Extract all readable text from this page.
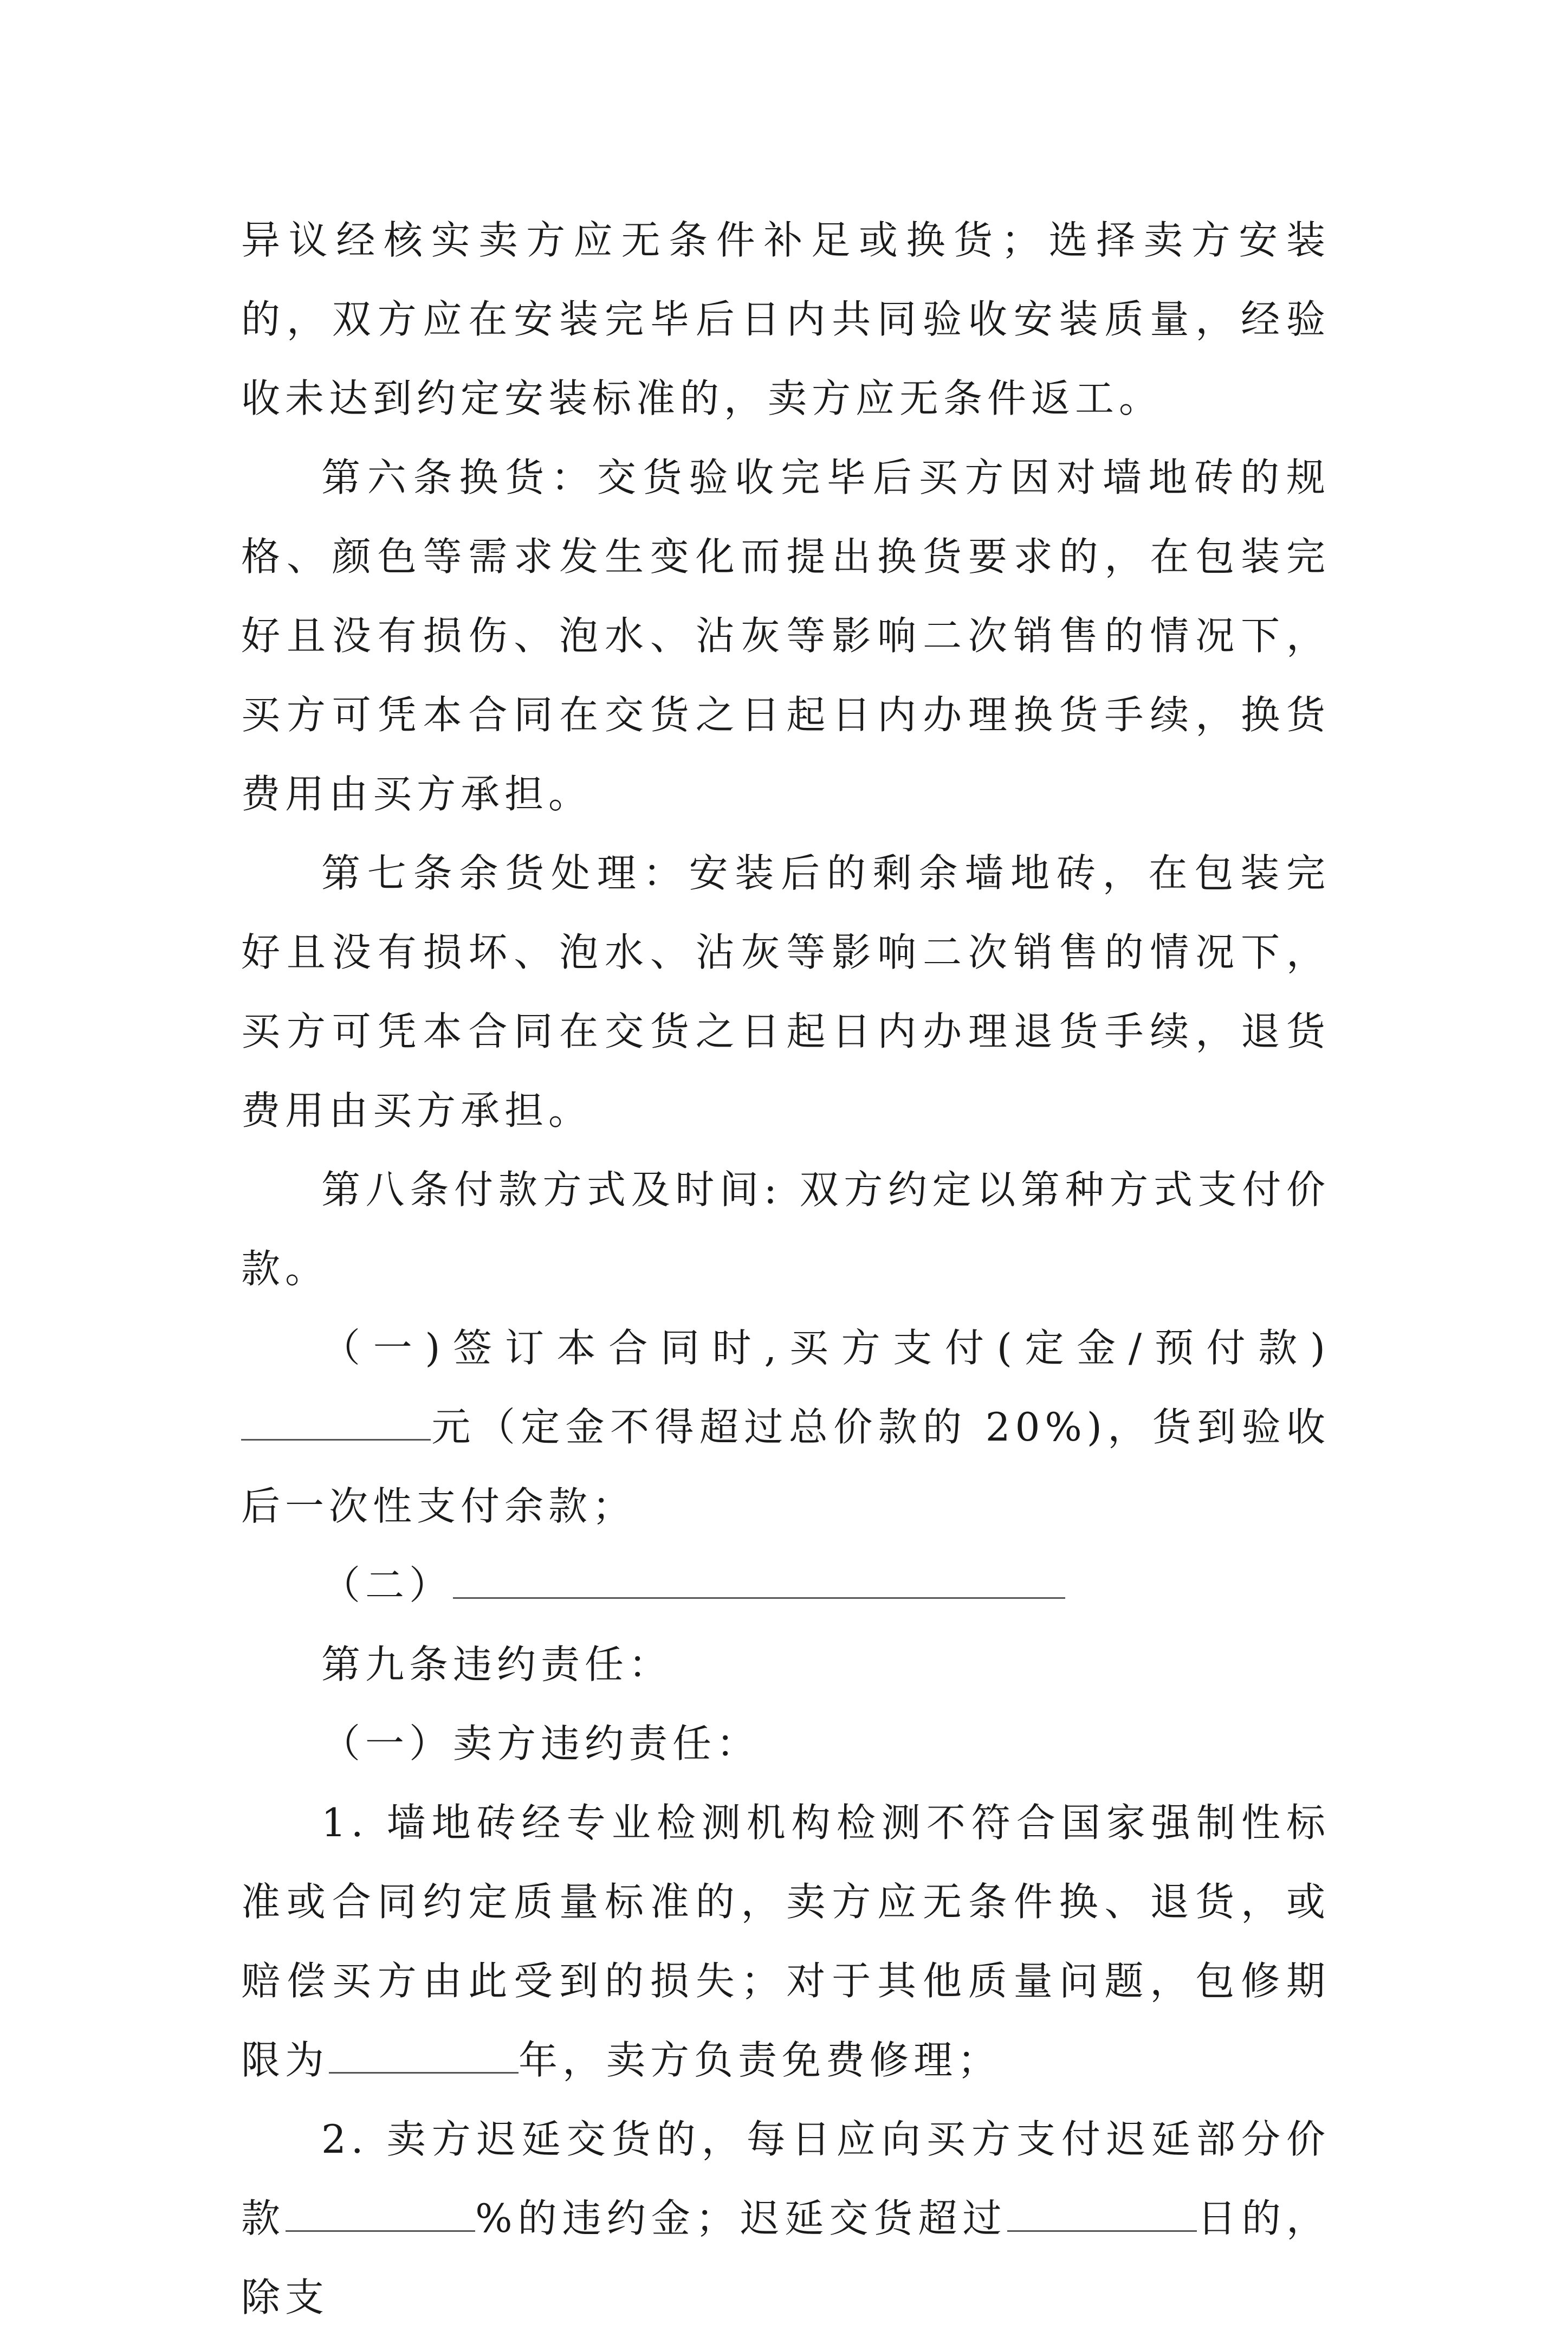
异议经核实卖方应无条件补足或换货；选择卖方安装的，双方应在安装完毕后日内共同验收安装质量，经验收未达到约定安装标准的，卖方应无条件返工。

第六条换货：交货验收完毕后买方因对墙地砖的规格、颜色等需求发生变化而提出换货要求的，在包装完好且没有损伤、泡水、沾灰等影响二次销售的情况下，买方可凭本合同在交货之日起日内办理换货手续，换货费用由买方承担。

第七条余货处理：安装后的剩余墙地砖，在包装完好且没有损坏、泡水、沾灰等影响二次销售的情况下，买方可凭本合同在交货之日起日内办理退货手续，退货费用由买方承担。

第八条付款方式及时间: 双方约定以第种方式支付价款。

（一)签订本合同时,买方支付(定金/预付款)元（定金不得超过总价款的 20%)，货到验收后一次性支付余款；

（二）

第九条违约责任：

（一）卖方违约责任：

1. 墙地砖经专业检测机构检测不符合国家强制性标准或合同约定质量标准的，卖方应无条件换、退货，或赔偿买方由此受到的损失；对于其他质量问题，包修期限为	年，卖方负责免费修理；

2. 卖方迟延交货的，每日应向买方支付迟延部分价款	%的违约金；迟延交货超过	日的，除支
